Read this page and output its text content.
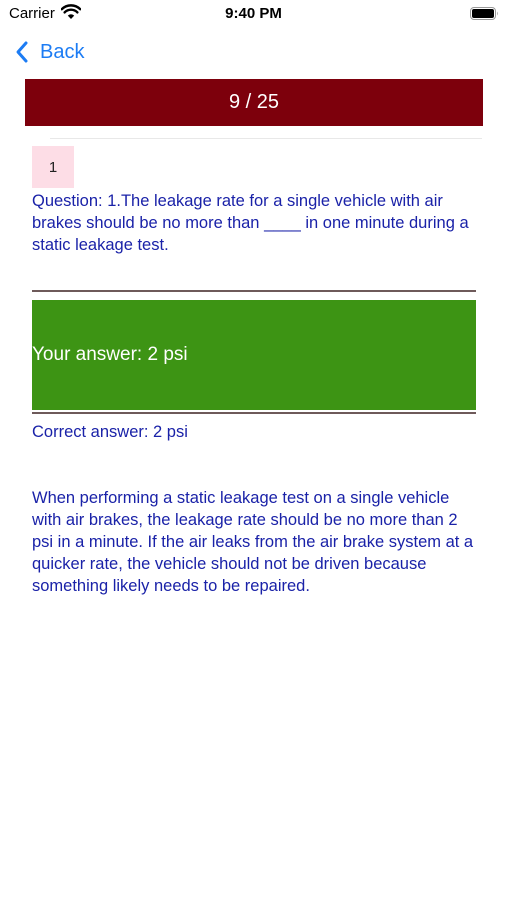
Carrier	9:40 PM
Back
9 / 25
1
Question: 1.The leakage rate for a single vehicle with air brakes should be no more than ____ in one minute during a static leakage test.
Your answer: 2 psi
Correct answer: 2 psi
When performing a static leakage test on a single vehicle with air brakes, the leakage rate should be no more than 2 psi in a minute. If the air leaks from the air brake system at a quicker rate, the vehicle should not be driven because something likely needs to be repaired.
